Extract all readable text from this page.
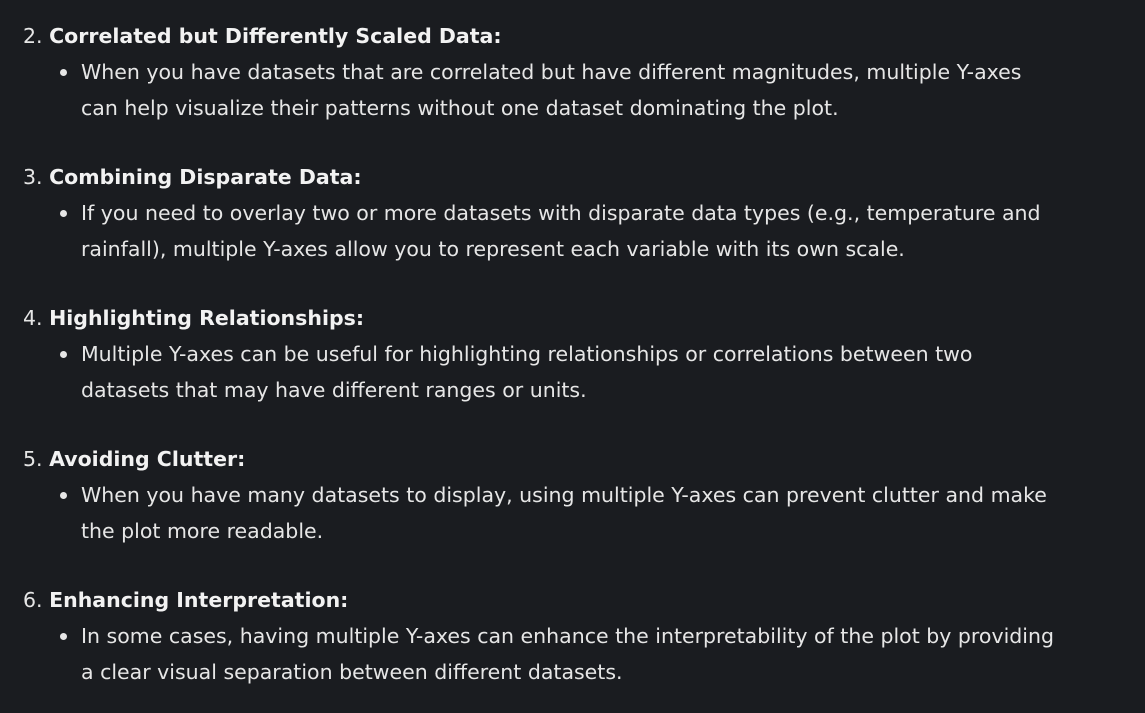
2. Correlated but Differently Scaled Data:
When you have datasets that are correlated but have different magnitudes, multiple Y-axes can help visualize their patterns without one dataset dominating the plot.
3. Combining Disparate Data:
If you need to overlay two or more datasets with disparate data types (e.g., temperature and rainfall), multiple Y-axes allow you to represent each variable with its own scale.
4. Highlighting Relationships:
Multiple Y-axes can be useful for highlighting relationships or correlations between two datasets that may have different ranges or units.
5. Avoiding Clutter:
When you have many datasets to display, using multiple Y-axes can prevent clutter and make the plot more readable.
6. Enhancing Interpretation:
In some cases, having multiple Y-axes can enhance the interpretability of the plot by providing a clear visual separation between different datasets.
